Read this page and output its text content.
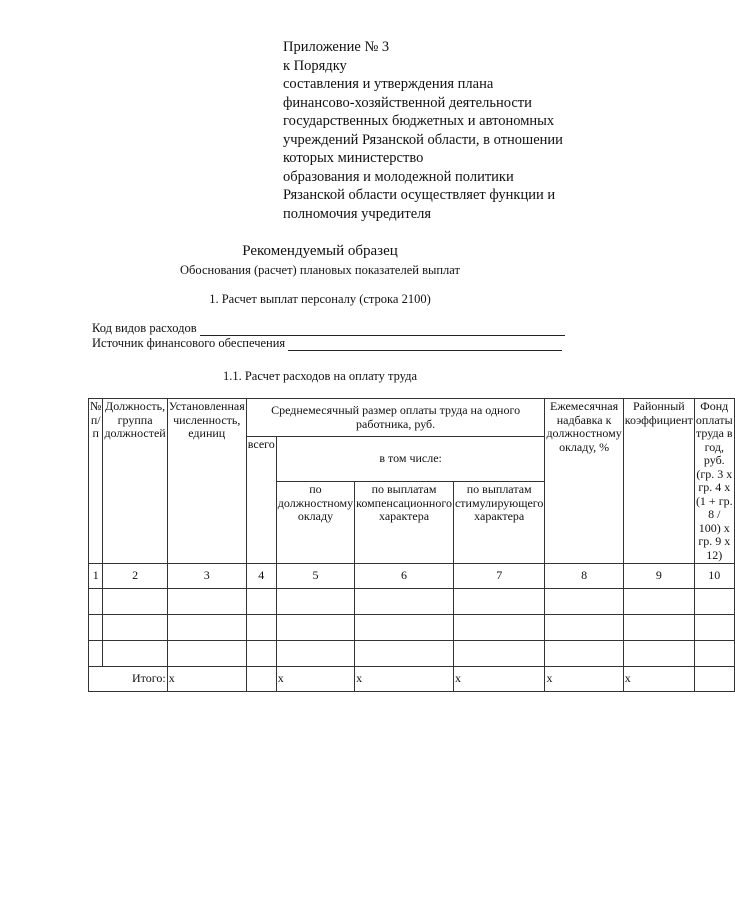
Приложение № 3
к Порядку
составления и утверждения плана
финансово-хозяйственной деятельности
государственных бюджетных и автономных
учреждений Рязанской области, в отношении
которых министерство
образования и молодежной политики
Рязанской области осуществляет функции и
полномочия учредителя
Рекомендуемый образец
Обоснования (расчет) плановых показателей выплат
1. Расчет выплат персоналу (строка 2100)
Код видов расходов
Источник финансового обеспечения
1.1. Расчет расходов на оплату труда
№ п/п	Должность, группа должностей	Установленная численность, единиц	Среднемесячный размер оплаты труда на одного работника, руб.				Ежемесячная надбавка к должностному окладу, %	Районный коэффициент	Фонд оплаты труда в год, руб. (гр. 3 х гр. 4 х (1 + гр. 8 / 100) х гр. 9 х 12)
			всего	в том числе:					
				по должностному окладу	по выплатам компенсационного характера	по выплатам стимулирующего характера			
1	2	3	4	5	6	7	8	9	10

Итого:		x		x	x	x	x	x	
